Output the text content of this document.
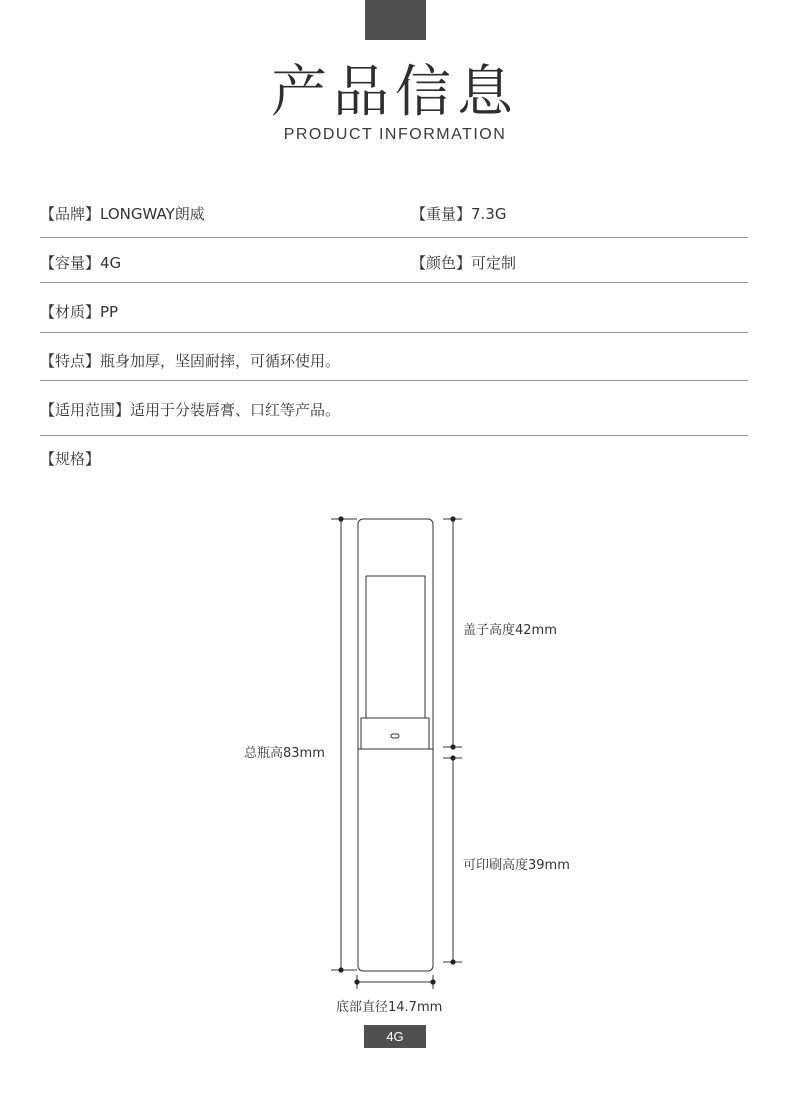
产品信息
PRODUCT INFORMATION
【品牌】LONGWAY朗威	【重量】7.3G
【容量】4G	【颜色】可定制
【材质】PP
【特点】瓶身加厚，坚固耐摔，可循环使用。
【适用范围】适用于分装唇膏、口红等产品。
【规格】
盖子高度42mm
总瓶高83mm
可印刷高度39mm
底部直径14.7mm
4G
